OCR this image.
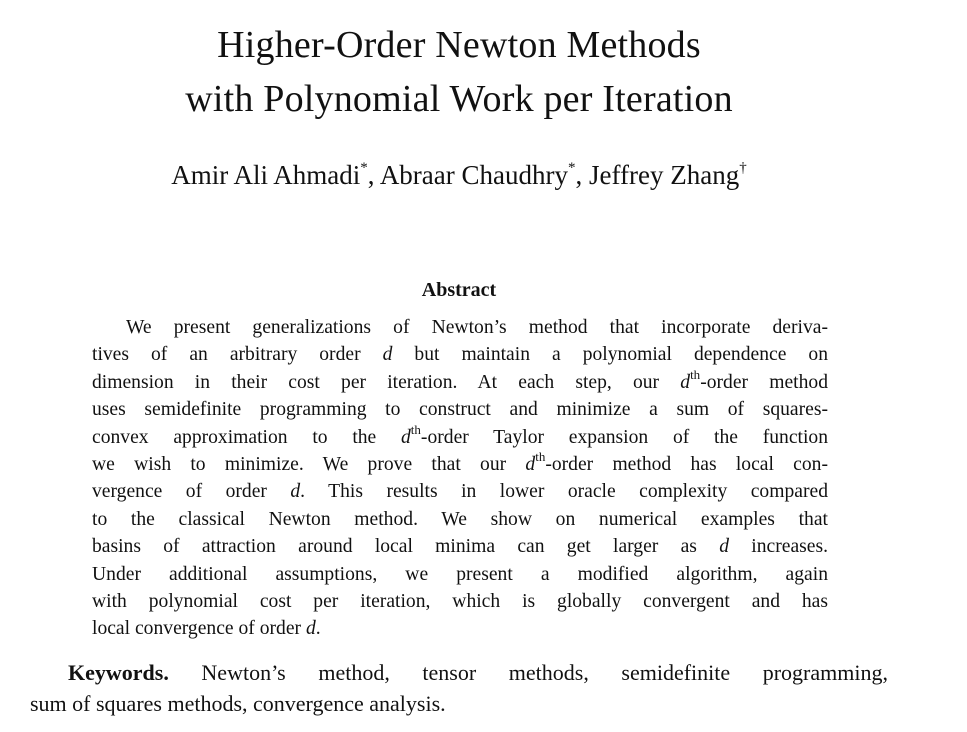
Higher-Order Newton Methods
with Polynomial Work per Iteration
Amir Ali Ahmadi*, Abraar Chaudhry*, Jeffrey Zhang†
Abstract
We present generalizations of Newton’s method that incorporate deriva-
tives of an arbitrary order d but maintain a polynomial dependence on
dimension in their cost per iteration. At each step, our $d^{th}$-order method
uses semidefinite programming to construct and minimize a sum of squares-
convex approximation to the $d^{th}$-order Taylor expansion of the function
we wish to minimize. We prove that our $d^{th}$-order method has local con-
vergence of order d. This results in lower oracle complexity compared
to the classical Newton method. We show on numerical examples that
basins of attraction around local minima can get larger as d increases.
Under additional assumptions, we present a modified algorithm, again
with polynomial cost per iteration, which is globally convergent and has
local convergence of order d.
Keywords. Newton’s method, tensor methods, semidefinite programming,
sum of squares methods, convergence analysis.
